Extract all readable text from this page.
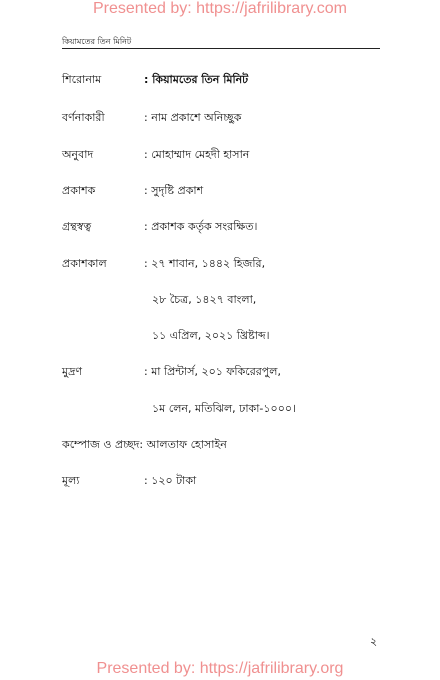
Presented by: https://jafrilibrary.com
কিয়ামতের তিন মিনিট
শিরোনাম	: কিয়ামতের তিন মিনিট
বর্ণনাকারী	: নাম প্রকাশে অনিচ্ছুক
অনুবাদ	: মোহাম্মাদ মেহদী হাসান
প্রকাশক	: সুদৃষ্টি প্রকাশ
গ্রন্থস্বত্ব	: প্রকাশক কর্তৃক সংরক্ষিত।
প্রকাশকাল	: ২৭ শাবান, ১৪৪২ হিজরি,
২৮ চৈত্র, ১৪২৭ বাংলা,
১১ এপ্রিল, ২০২১ খ্রিষ্টাব্দ।
মুদ্রণ	: মা প্রিন্টার্স, ২০১ ফকিরেরপুল,
১ম লেন, মতিঝিল, ঢাকা-১০০০।
কম্পোজ ও প্রচ্ছদ: আলতাফ হোসাইন
মূল্য	: ১২০ টাকা
২
Presented by: https://jafrilibrary.org
